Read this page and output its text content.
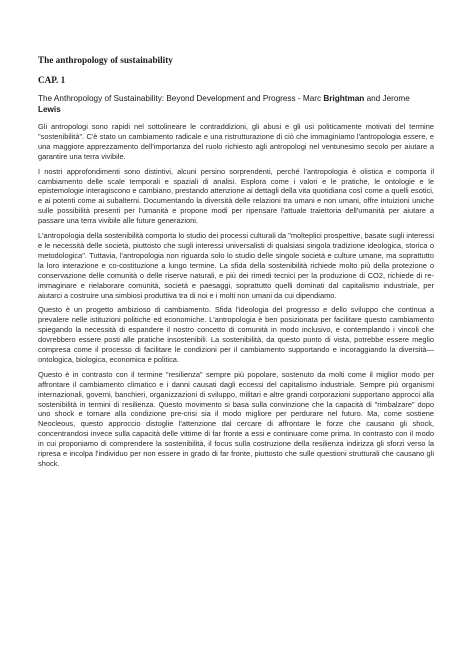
The anthropology of sustainability
CAP. 1
The Anthropology of Sustainability: Beyond Development and Progress - Marc Brightman and Jerome Lewis

Gli antropologi sono rapidi nel sottolineare le contraddizioni, gli abusi e gli usi politicamente motivati del termine "sostenibilità". C'è stato un cambiamento radicale e una ristrutturazione di ciò che immaginiamo l'antropologia essere, e una maggiore apprezzamento dell'importanza del ruolo richiesto agli antropologi nel ventunesimo secolo per aiutare a garantire una terra vivibile.

I nostri approfondimenti sono distintivi, alcuni persino sorprendenti, perché l'antropologia è olistica e comporta il cambiamento delle scale temporali e spaziali di analisi. Esplora come i valori e le pratiche, le ontologie e le epistemologie interagiscono e cambiano, prestando attenzione ai dettagli della vita quotidiana così come a quelli esotici, e ai potenti come ai subalterni. Documentando la diversità delle relazioni tra umani e non umani, offre intuizioni uniche sulle possibilità presenti per l'umanità e propone modi per ripensare l'attuale traiettoria dell'umanità per aiutare a passare una terra vivibile alle future generazioni.

L'antropologia della sostenibilità comporta lo studio dei processi culturali da "molteplici prospettive, basate sugli interessi e le necessità delle società, piuttosto che sugli interessi universalisti di qualsiasi singola tradizione ideologica, storica o metodologica". Tuttavia, l'antropologia non riguarda solo lo studio delle singole società e culture umane, ma soprattutto la loro interazione e co-costituzione a lungo termine. La sfida della sostenibilità richiede molto più della protezione o conservazione delle comunità o delle riserve naturali, e più dei rimedi tecnici per la produzione di CO2, richiede di re-immaginare e rielaborare comunità, società e paesaggi, soprattutto quelli dominati dal capitalismo industriale, per aiutarci a costruire una simbiosi produttiva tra di noi e i molti non umani da cui dipendiamo.

Questo è un progetto ambizioso di cambiamento. Sfida l'ideologia del progresso e dello sviluppo che continua a prevalere nelle istituzioni politiche ed economiche. L'antropologia è ben posizionata per facilitare questo cambiamento spiegando la necessità di espandere il nostro concetto di comunità in modo inclusivo, e contemplando i vincoli che dovrebbero essere posti alle pratiche insostenibili. La sostenibilità, da questo punto di vista, potrebbe essere meglio compresa come il processo di facilitare le condizioni per il cambiamento supportando e incoraggiando la diversità—ontologica, biologica, economica e politica.

Questo è in contrasto con il termine "resilienza" sempre più popolare, sostenuto da molti come il miglior modo per affrontare il cambiamento climatico e i danni causati dagli eccessi del capitalismo industriale. Sempre più organismi internazionali, governi, banchieri, organizzazioni di sviluppo, militari e altre grandi corporazioni supportano approcci alla sostenibilità in termini di resilienza. Questo movimento si basa sulla convinzione che la capacità di "rimbalzare" dopo uno shock e tornare alla condizione pre-crisi sia il modo migliore per perdurare nel futuro. Ma, come sostiene Neocleous, questo approccio distoglie l'attenzione dal cercare di affrontare le forze che causano gli shock, concentrandosi invece sulla capacità delle vittime di far fronte a essi e continuare come prima. In contrasto con il modo in cui proponiamo di comprendere la sostenibilità, il focus sulla costruzione della resilienza indirizza gli sforzi verso la ripresa e incolpa l'individuo per non essere in grado di far fronte, piuttosto che sulle questioni strutturali che causano gli shock.
